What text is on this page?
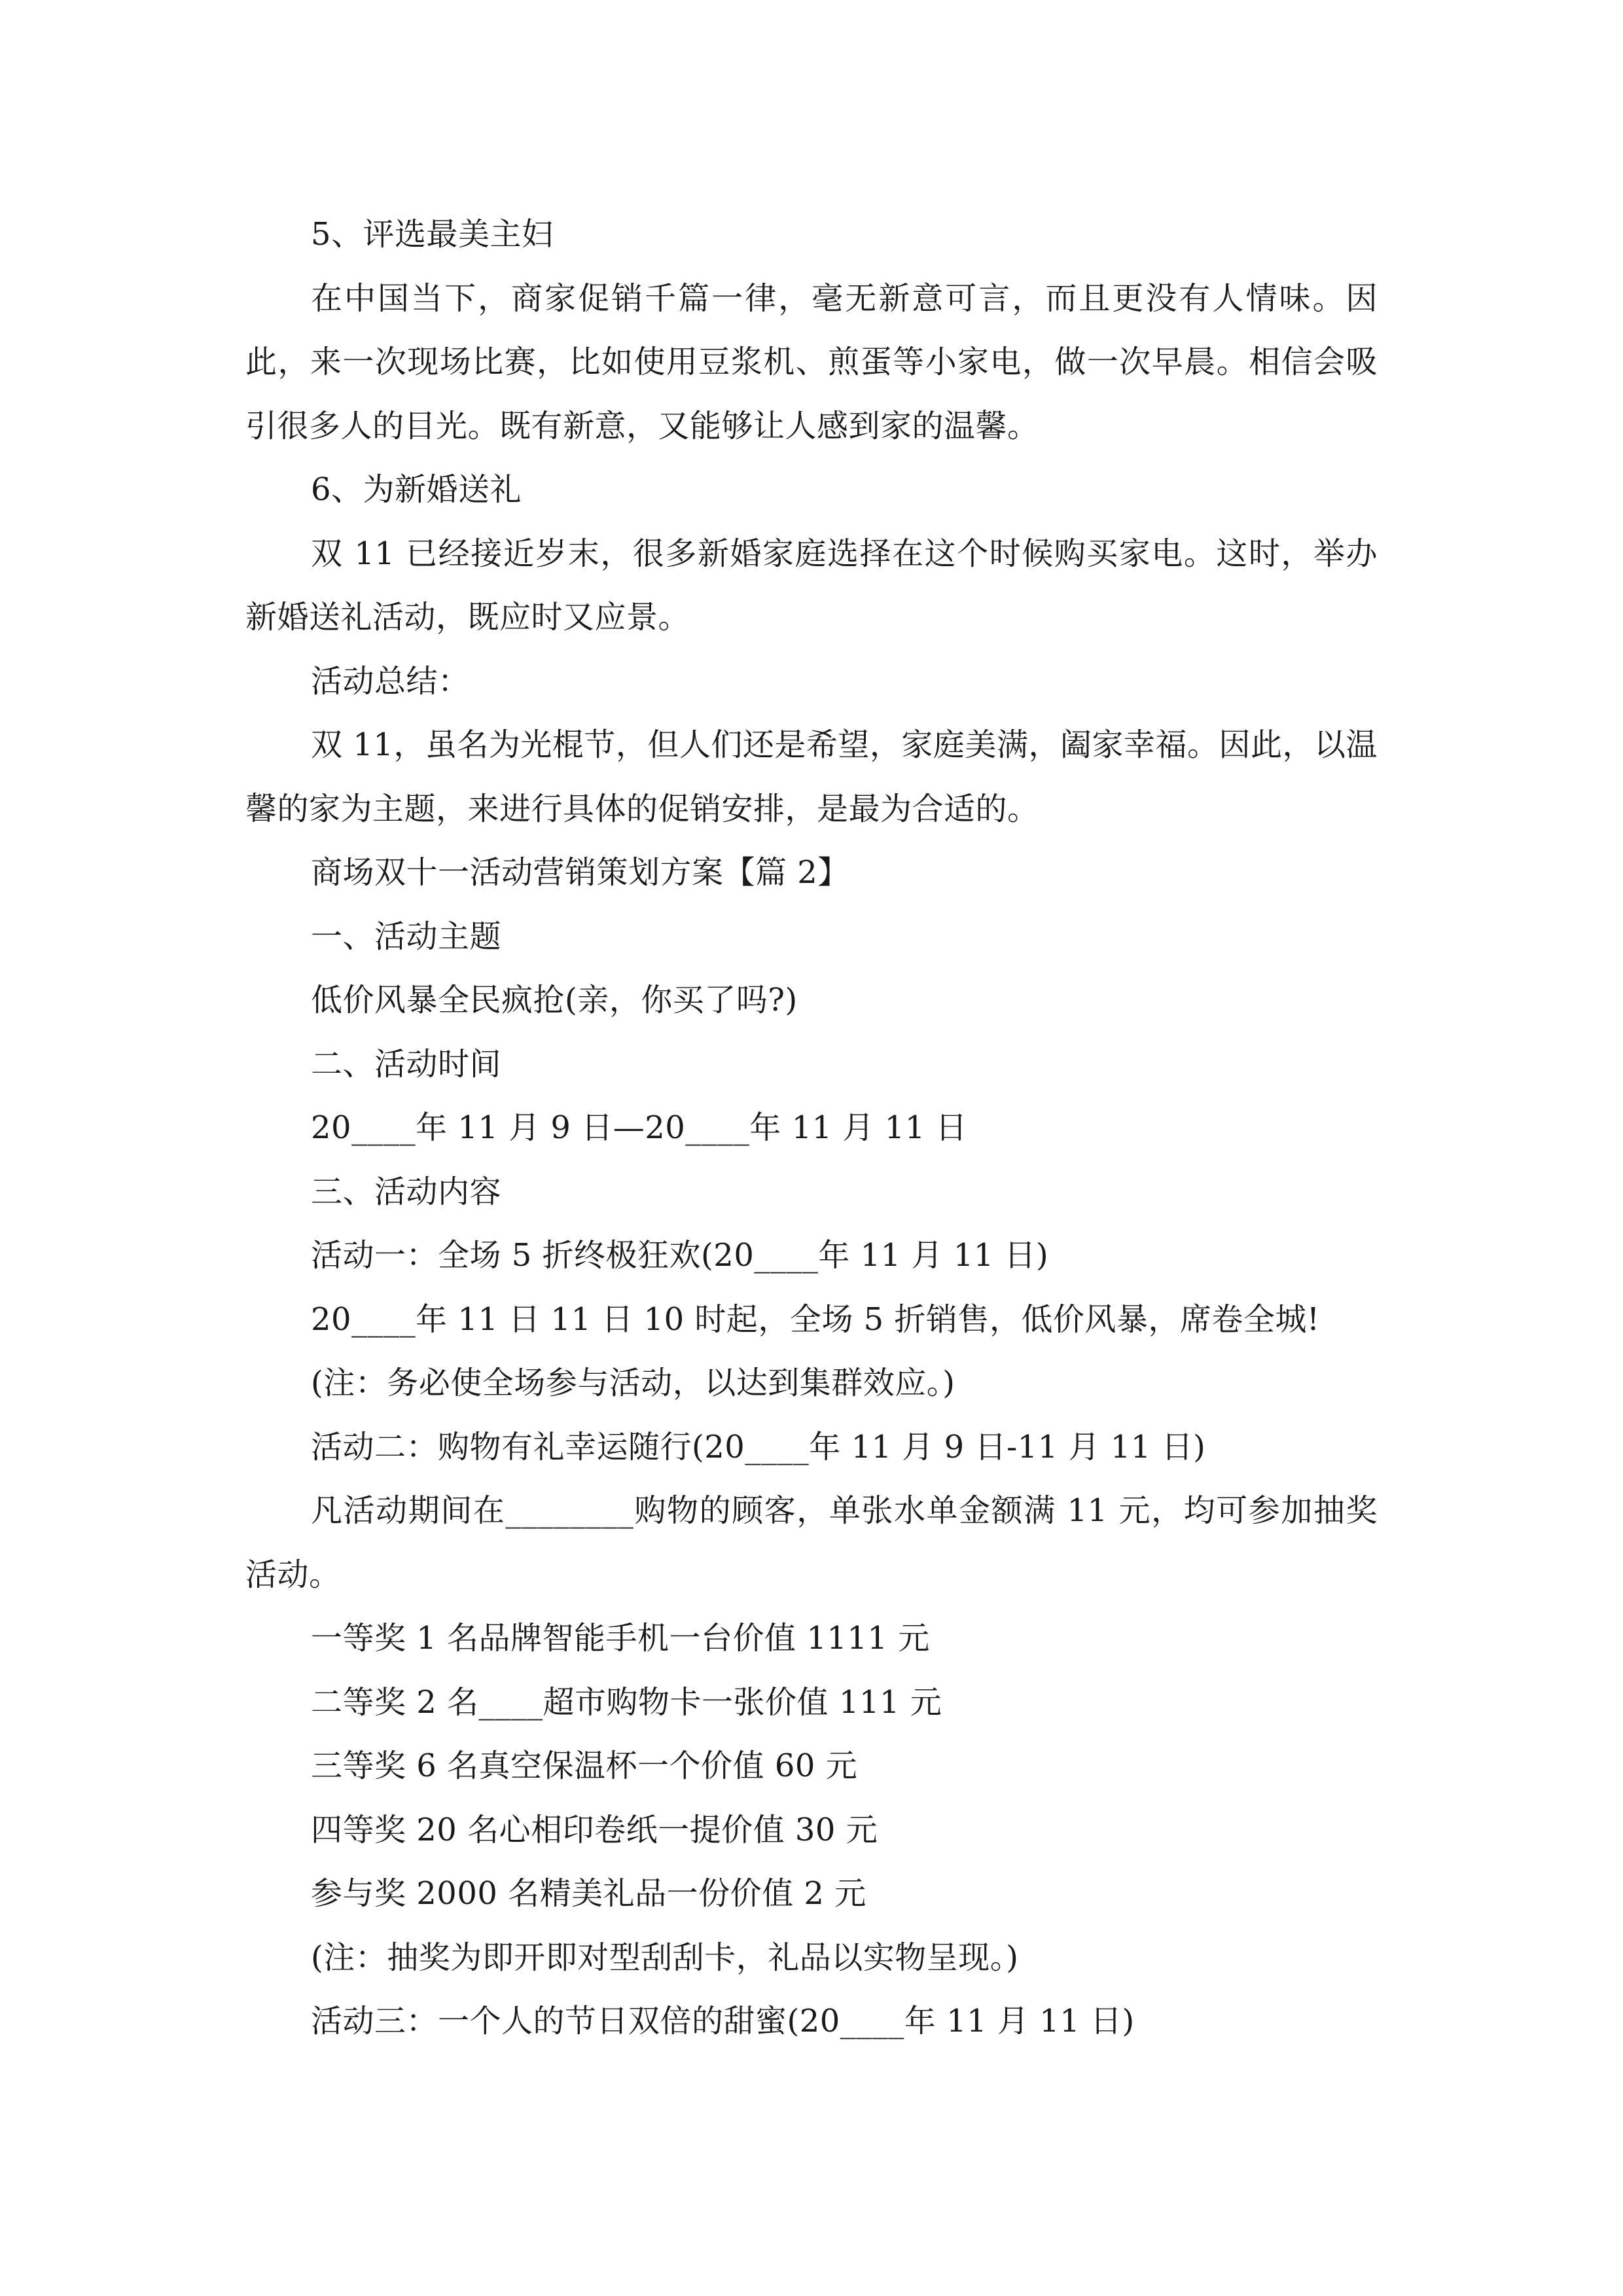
5、评选最美主妇

在中国当下，商家促销千篇一律，毫无新意可言，而且更没有人情味。因此，来一次现场比赛，比如使用豆浆机、煎蛋等小家电，做一次早晨。相信会吸引很多人的目光。既有新意，又能够让人感到家的温馨。

6、为新婚送礼

双 11 已经接近岁末，很多新婚家庭选择在这个时候购买家电。这时，举办新婚送礼活动，既应时又应景。

活动总结：

双 11，虽名为光棍节，但人们还是希望，家庭美满，阖家幸福。因此，以温馨的家为主题，来进行具体的促销安排，是最为合适的。

商场双十一活动营销策划方案【篇 2】

一、活动主题

低价风暴全民疯抢(亲，你买了吗?)

二、活动时间

20____年 11 月 9 日—20____年 11 月 11 日

三、活动内容

活动一：全场 5 折终极狂欢(20____年 11 月 11 日)

20____年 11 日 11 日 10 时起，全场 5 折销售，低价风暴，席卷全城!

(注：务必使全场参与活动，以达到集群效应。)

活动二：购物有礼幸运随行(20____年 11 月 9 日-11 月 11 日)

凡活动期间在________购物的顾客，单张水单金额满 11 元，均可参加抽奖活动。

一等奖 1 名品牌智能手机一台价值 1111 元

二等奖 2 名____超市购物卡一张价值 111 元

三等奖 6 名真空保温杯一个价值 60 元

四等奖 20 名心相印卷纸一提价值 30 元

参与奖 2000 名精美礼品一份价值 2 元

(注：抽奖为即开即对型刮刮卡，礼品以实物呈现。)

活动三：一个人的节日双倍的甜蜜(20____年 11 月 11 日)
